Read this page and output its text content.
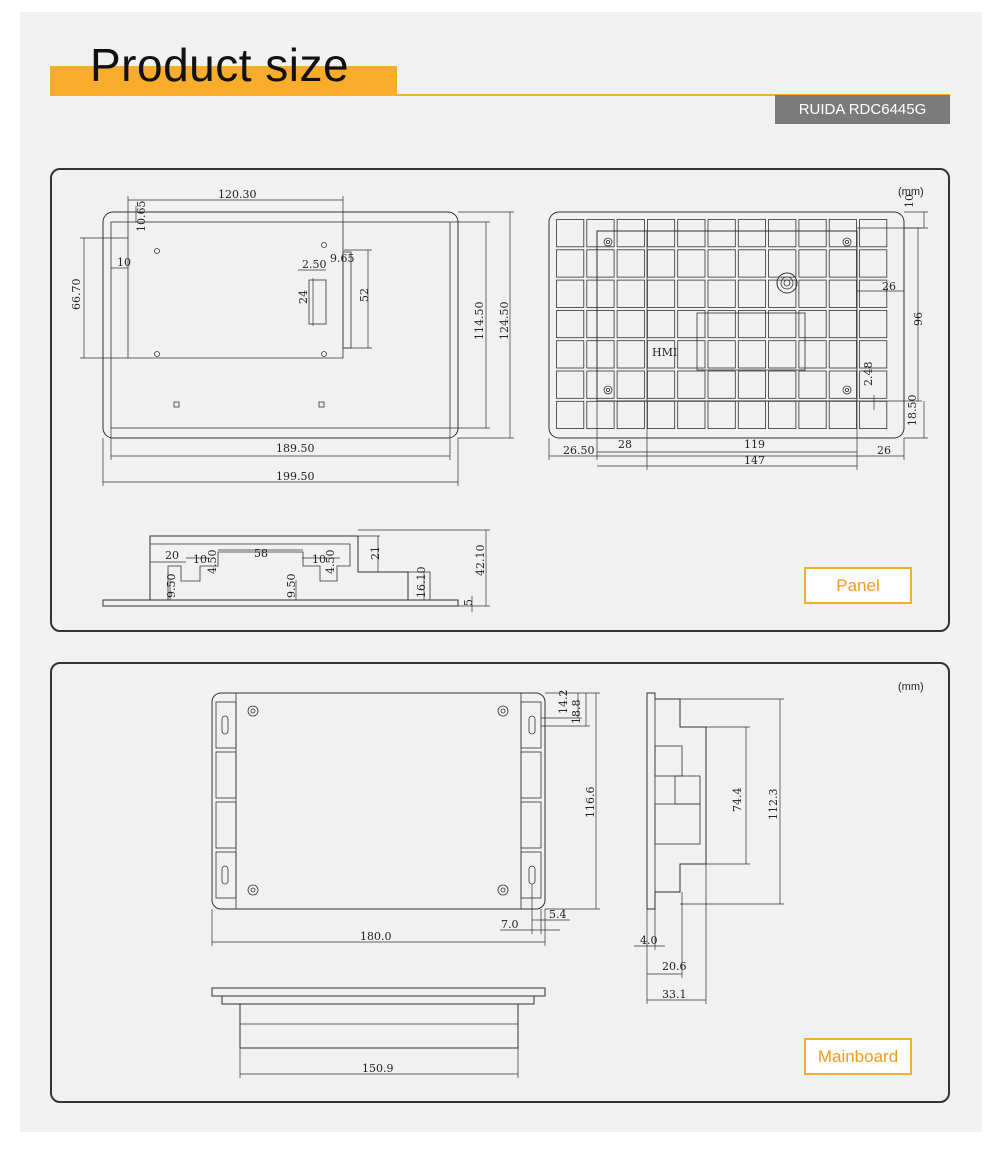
Product size
RUIDA RDC6445G
120.30
10.65
10
66.70
2.50 9.65
24	52
114.50 124.50
189.50
199.50
(mm)
HMI
10
26
96
2.48
18.50
26.50 28	119	26
147
20 10 4.50	58	10
4.50
9.50	9.50
21
16.10
42.10
5
(mm)
14.2 18.8
116.6
5.4
7.0
180.0
74.4 112.3
4.0
20.6
33.1
150.9
Panel
Mainboard
